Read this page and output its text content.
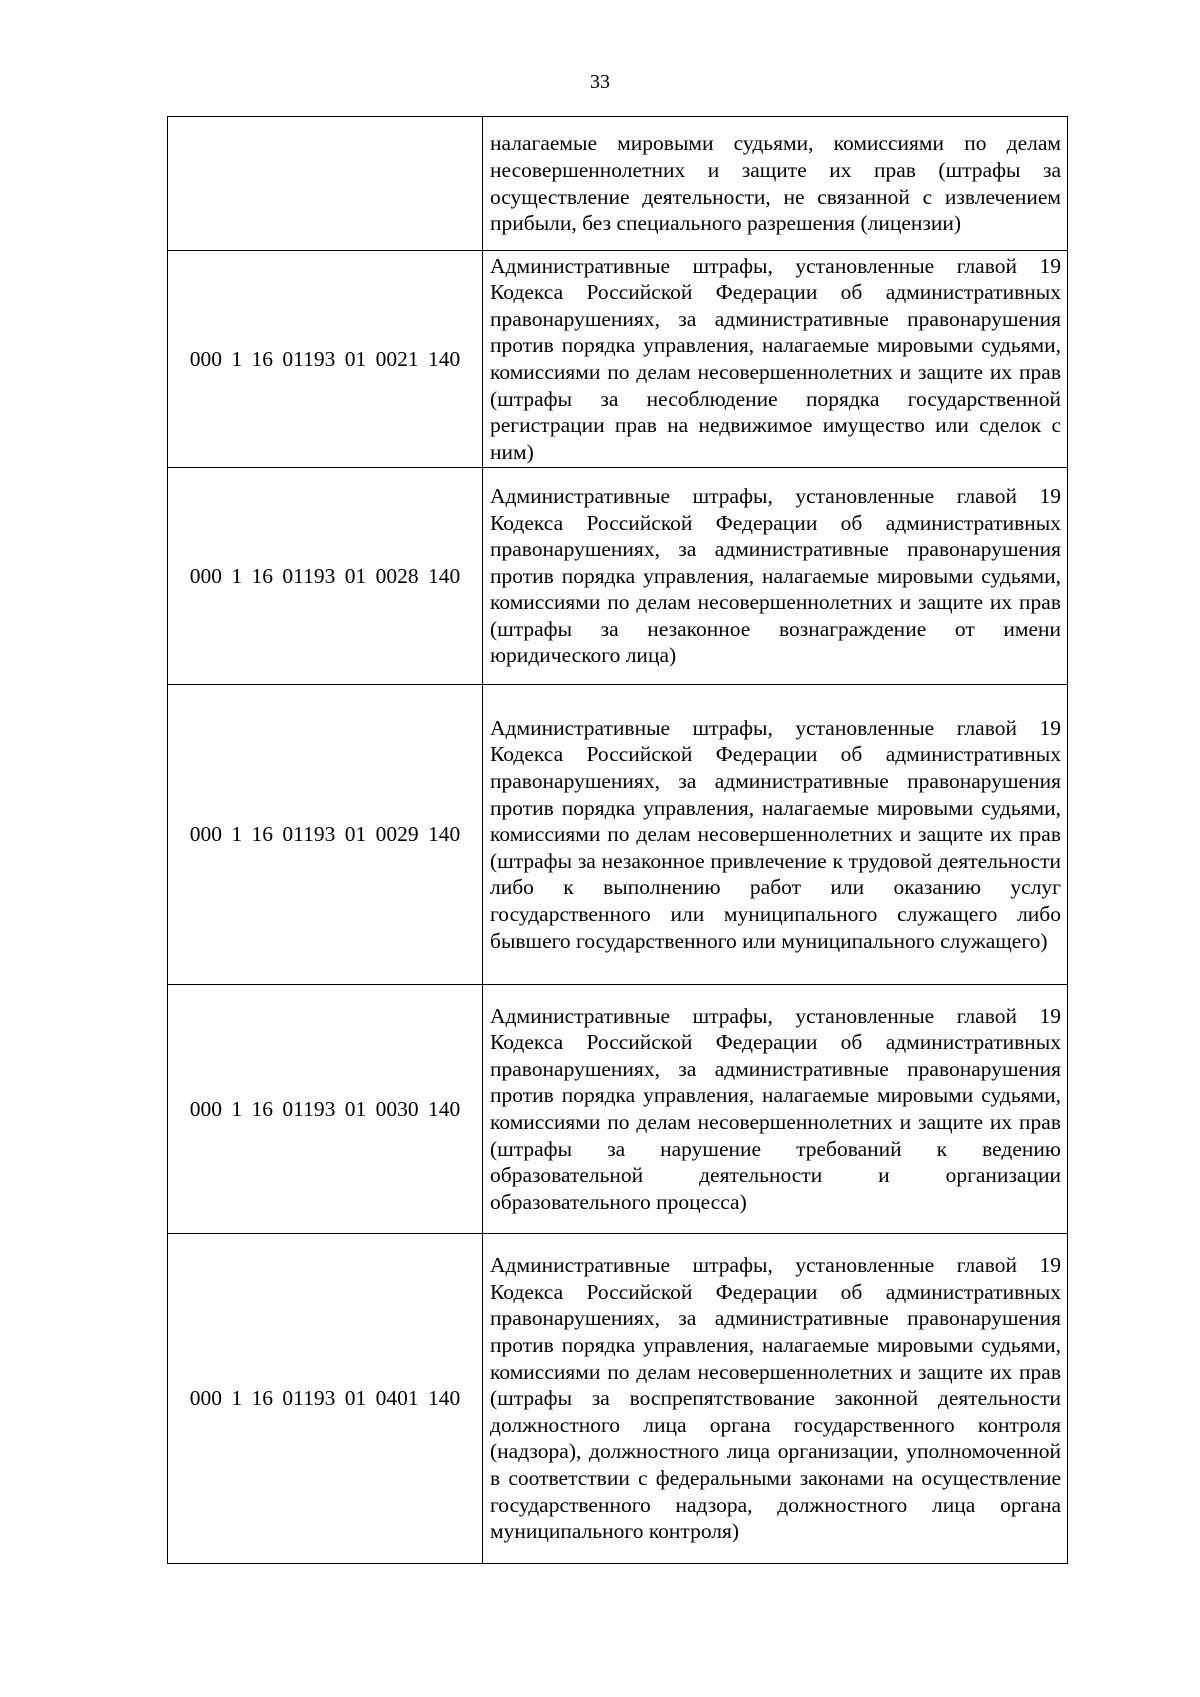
33
	налагаемые мировыми судьями, комиссиями по делам несовершеннолетних и защите их прав (штрафы за осуществление деятельности, не связанной с извлечением прибыли, без специального разрешения (лицензии)
000 1 16 01193 01 0021 140	Административные штрафы, установленные главой 19 Кодекса Российской Федерации об административных правонарушениях, за административные правонарушения против порядка управления, налагаемые мировыми судьями, комиссиями по делам несовершеннолетних и защите их прав (штрафы за несоблюдение порядка государственной регистрации прав на недвижимое имущество или сделок с ним)
000 1 16 01193 01 0028 140	Административные штрафы, установленные главой 19 Кодекса Российской Федерации об административных правонарушениях, за административные правонарушения против порядка управления, налагаемые мировыми судьями, комиссиями по делам несовершеннолетних и защите их прав (штрафы за незаконное вознаграждение от имени юридического лица)
000 1 16 01193 01 0029 140	Административные штрафы, установленные главой 19 Кодекса Российской Федерации об административных правонарушениях, за административные правонарушения против порядка управления, налагаемые мировыми судьями, комиссиями по делам несовершеннолетних и защите их прав (штрафы за незаконное привлечение к трудовой деятельности либо к выполнению работ или оказанию услуг государственного или муниципального служащего либо бывшего государственного или муниципального служащего)
000 1 16 01193 01 0030 140	Административные штрафы, установленные главой 19 Кодекса Российской Федерации об административных правонарушениях, за административные правонарушения против порядка управления, налагаемые мировыми судьями, комиссиями по делам несовершеннолетних и защите их прав (штрафы за нарушение требований к ведению образовательной деятельности и организации образовательного процесса)
000 1 16 01193 01 0401 140	Административные штрафы, установленные главой 19 Кодекса Российской Федерации об административных правонарушениях, за административные правонарушения против порядка управления, налагаемые мировыми судьями, комиссиями по делам несовершеннолетних и защите их прав (штрафы за воспрепятствование законной деятельности должностного лица органа государственного контроля (надзора), должностного лица организации, уполномоченной в соответствии с федеральными законами на осуществление государственного надзора, должностного лица органа муниципального контроля)
